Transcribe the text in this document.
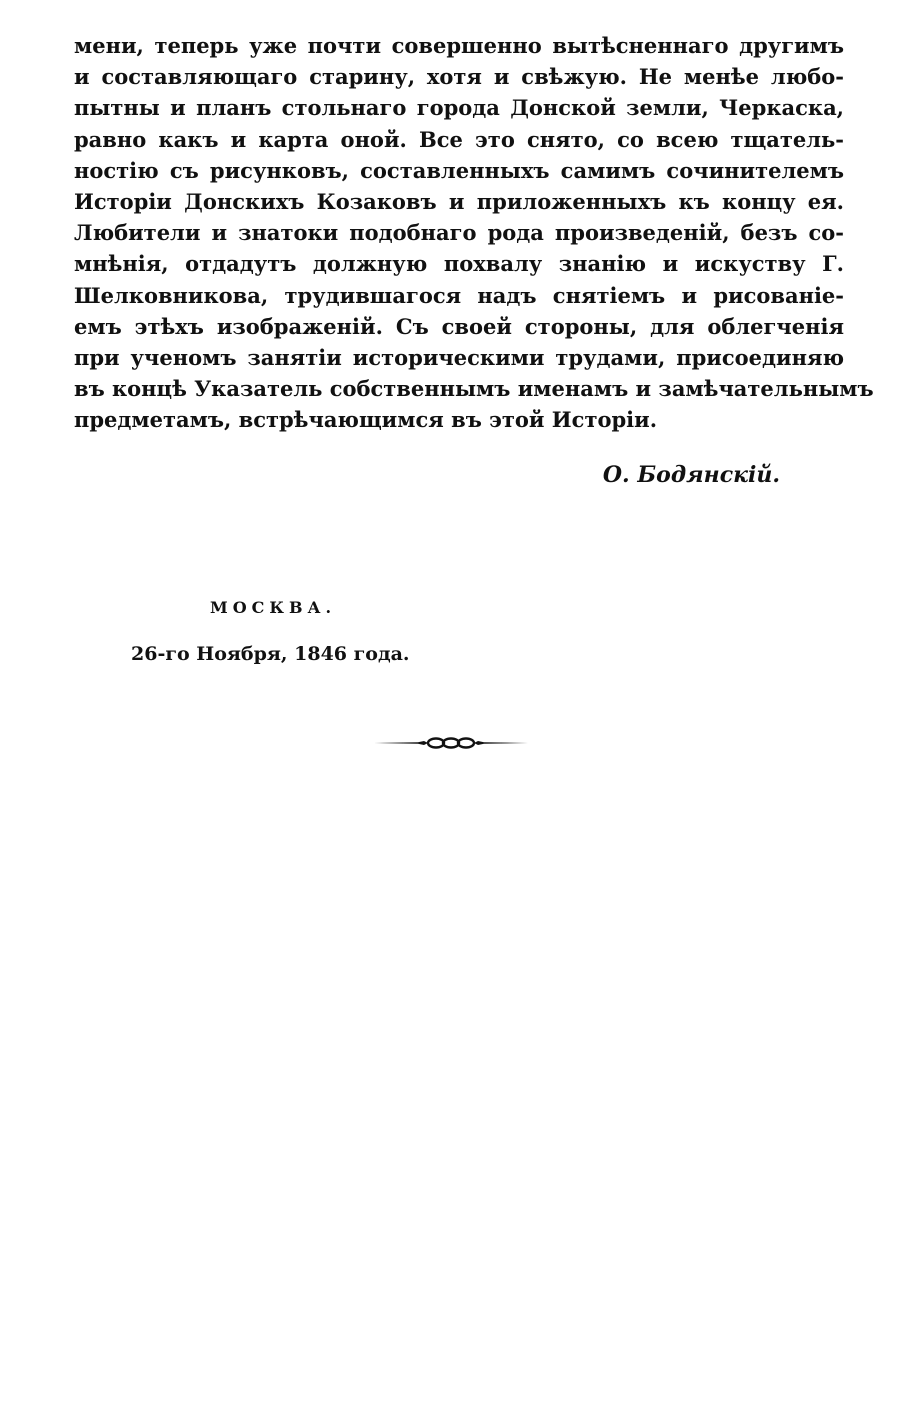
мени, теперь уже почти совершенно вытѣсненнаго другимъ
и составляющаго старину, хотя и свѣжую. Не менѣе любо-
пытны и планъ стольнаго города Донской земли, Черкаска,
равно какъ и карта оной. Все это снято, со всею тщатель-
ностію съ рисунковъ, составленныхъ самимъ сочинителемъ
Исторіи Донскихъ Козаковъ и приложенныхъ къ концу ея.
Любители и знатоки подобнаго рода произведеній, безъ со-
мнѣнія, отдадутъ должную похвалу знанію и искуству Г.
Шелковникова, трудившагося надъ снятіемъ и рисованіе-
емъ этѣхъ изображеній. Съ своей стороны, для облегченія
при ученомъ занятіи историческими трудами, присоединяю
въ концѣ Указатель собственнымъ именамъ и замѣчательнымъ
предметамъ, встрѣчающимся въ этой Исторіи.
О. Бодянскій.
МОСКВА.
26-го Ноября, 1846 года.
